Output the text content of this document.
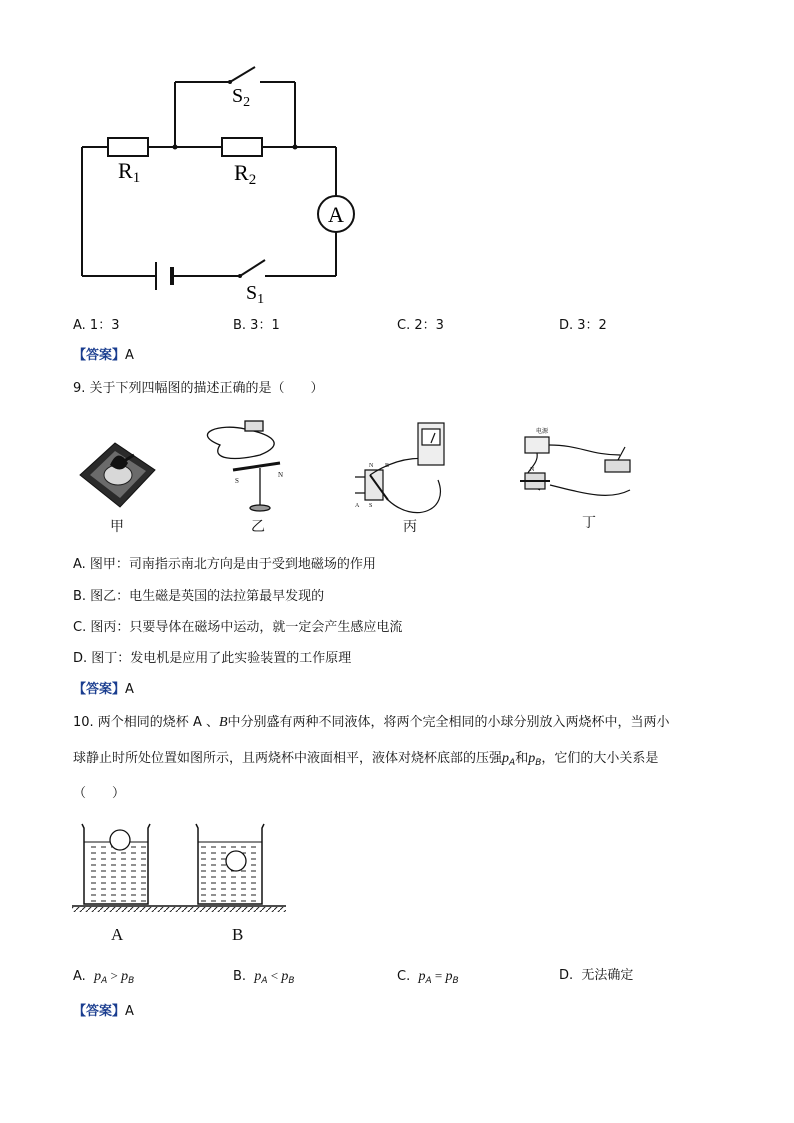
A
R1	R2
$S_2$
$S_1$
A. 1：3	B. 3：1	C. 2：3	D. 3：2
【答案】A
9. 关于下列四幅图的描述正确的是（　　）
S
N
N B
A S
电源
N
甲	乙	丙	丁
A. 图甲：司南指示南北方向是由于受到地磁场的作用
B. 图乙：电生磁是英国的法拉第最早发现的
C. 图丙：只要导体在磁场中运动，就一定会产生感应电流
D. 图丁：发电机是应用了此实验装置的工作原理
【答案】A
10. 两个相同的烧杯 A 、B中分别盛有两种不同液体，将两个完全相同的小球分别放入两烧杯中，当两小
球静止时所处位置如图所示，且两烧杯中液面相平，液体对烧杯底部的压强$p_A$和$p_B$，它们的大小关系是
（　　）
A	B
A. $p_A > p_B$	B. $p_A < p_B$	C. $p_A = p_B$	D. 无法确定
【答案】A
